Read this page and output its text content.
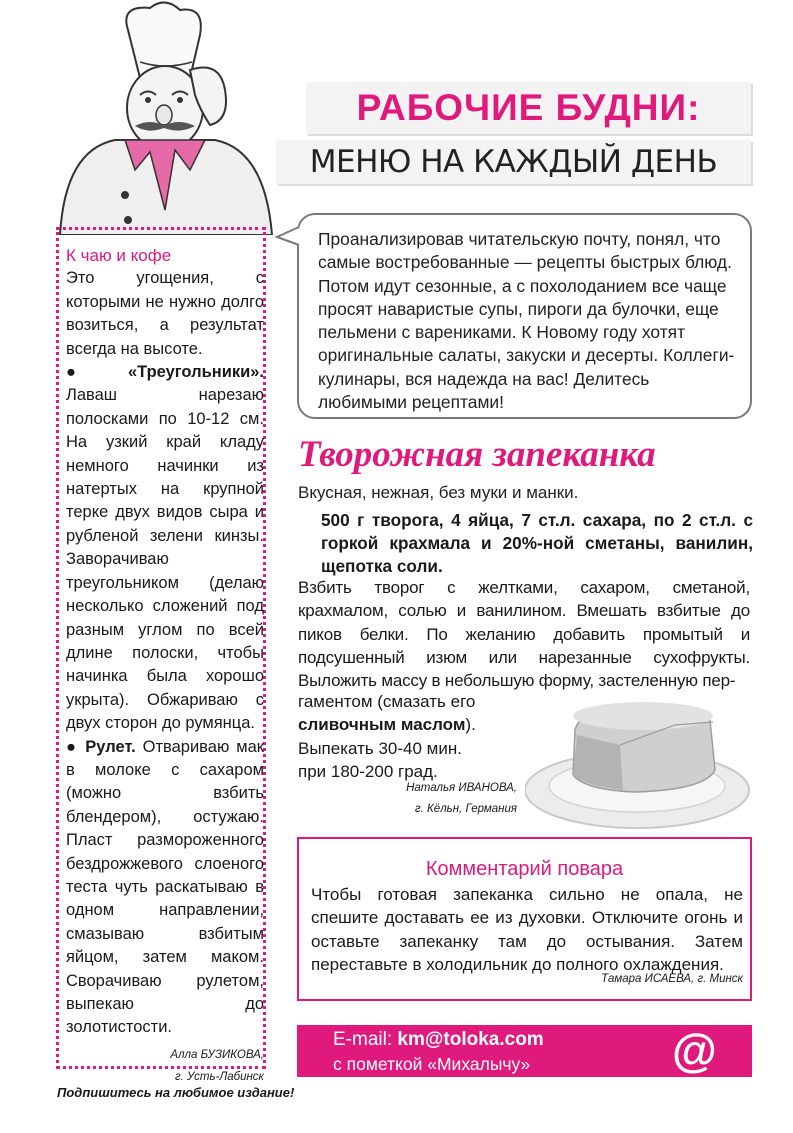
РАБОЧИЕ БУДНИ:
МЕНЮ НА КАЖДЫЙ ДЕНЬ
К чаю и кофе

Это угощения, с которыми не нужно долго возиться, а результат всегда на высоте.

● «Треугольники». Лаваш нарезаю полосками по 10-12 см. На узкий край кладу немного начинки из натертых на крупной терке двух видов сыра и рубленой зелени кинзы. Заворачиваю треугольником (делаю несколько сложений под разным углом по всей длине полоски, чтобы начинка была хорошо укрыта). Обжариваю с двух сторон до румянца.

● Рулет. Отвариваю мак в молоке с сахаром (можно взбить блендером), остужаю. Пласт размороженного бездрожжевого слоеного теста чуть раскатываю в одном направлении, смазываю взбитым яйцом, затем маком. Сворачиваю рулетом, выпекаю до золотистости.

Алла БУЗИКОВА,
г. Усть-Лабинск
Проанализировав читательскую почту, понял, что самые востребованные — рецепты быстрых блюд. Потом идут сезонные, а с похолоданием все чаще просят наваристые супы, пироги да булочки, еще пельмени с варениками. К Новому году хотят оригинальные салаты, закуски и десерты. Коллеги-кулинары, вся надежда на вас! Делитесь любимыми рецептами!
Творожная запеканка
Вкусная, нежная, без муки и манки.
500 г творога, 4 яйца, 7 ст.л. сахара, по 2 ст.л. с горкой крахмала и 20%-ной сметаны, ванилин, щепотка соли.
Взбить творог с желтками, сахаром, сметаной, крахмалом, солью и ванилином. Вмешать взбитые до пиков белки. По желанию добавить промытый и подсушенный изюм или нарезанные сухофрукты. Выложить массу в небольшую форму, застеленную пер-
гаментом (смазать его
сливочным маслом).
Выпекать 30-40 мин.
при 180-200 град.
Наталья ИВАНОВА,
г. Кёльн, Германия
Комментарий повара
Чтобы готовая запеканка сильно не опала, не спешите доставать ее из духовки. Отключите огонь и оставьте запеканку там до остывания. Затем переставьте в холодильник до полного охлаждения.
Тамара ИСАЕВА, г. Минск
E-mail: km@toloka.com
с пометкой «Михалычу»	@
Подпишитесь на любимое издание!
